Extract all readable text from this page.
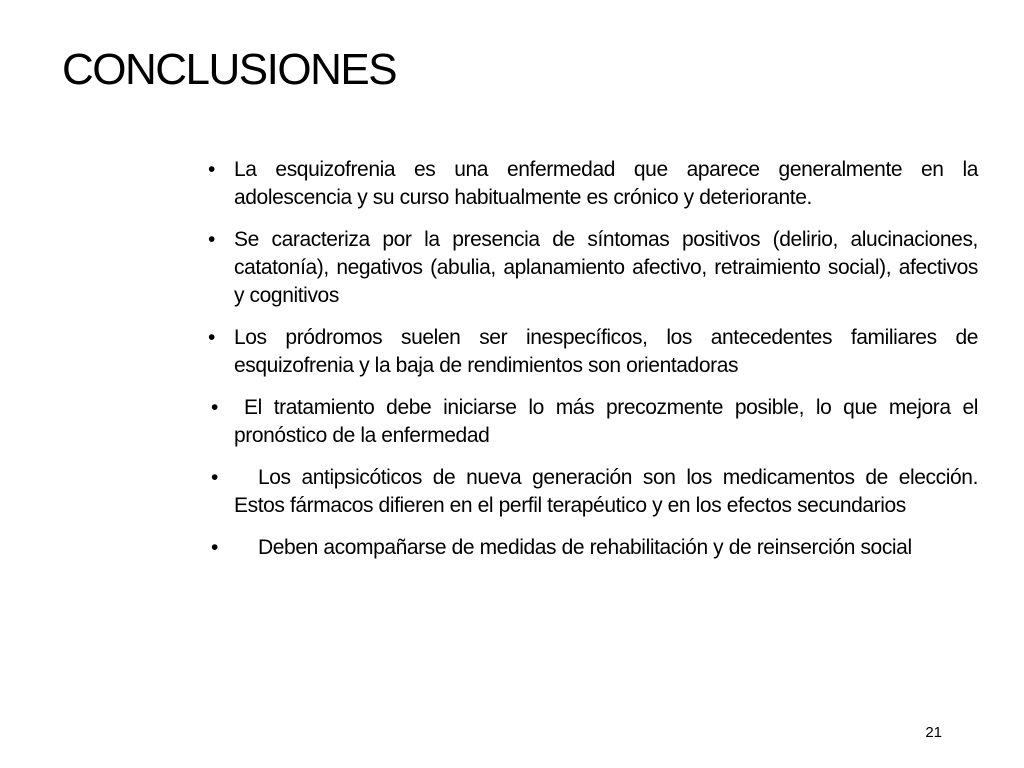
CONCLUSIONES
• La esquizofrenia es una enfermedad que aparece generalmente en la adolescencia y su curso habitualmente es crónico y deteriorante.
• Se caracteriza por la presencia de síntomas positivos (delirio, alucinaciones, catatonía), negativos (abulia, aplanamiento afectivo, retraimiento social), afectivos y cognitivos
• Los pródromos suelen ser inespecíficos, los antecedentes familiares de esquizofrenia y la baja de rendimientos son orientadoras
•	El tratamiento debe iniciarse lo más precozmente posible, lo que mejora el pronóstico de la enfermedad
•	Los antipsicóticos de nueva generación son los medicamentos de elección. Estos fármacos difieren en el perfil terapéutico y en los efectos secundarios
•	Deben acompañarse de medidas de rehabilitación y de reinserción social
21
